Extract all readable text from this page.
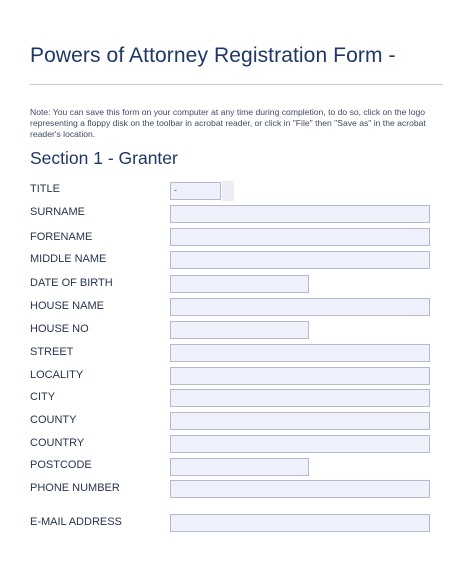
Powers of Attorney Registration Form -
Note: You can save this form on your computer at any time during completion, to do so, click on the logo representing a floppy disk on the toolbar in acrobat reader, or click in "File" then "Save as" in the acrobat reader's location.
Section 1 - Granter
TITLE	-
SURNAME
FORENAME
MIDDLE NAME
DATE OF BIRTH
HOUSE NAME
HOUSE NO
STREET
LOCALITY
CITY
COUNTY
COUNTRY
POSTCODE
PHONE NUMBER
E-MAIL ADDRESS
